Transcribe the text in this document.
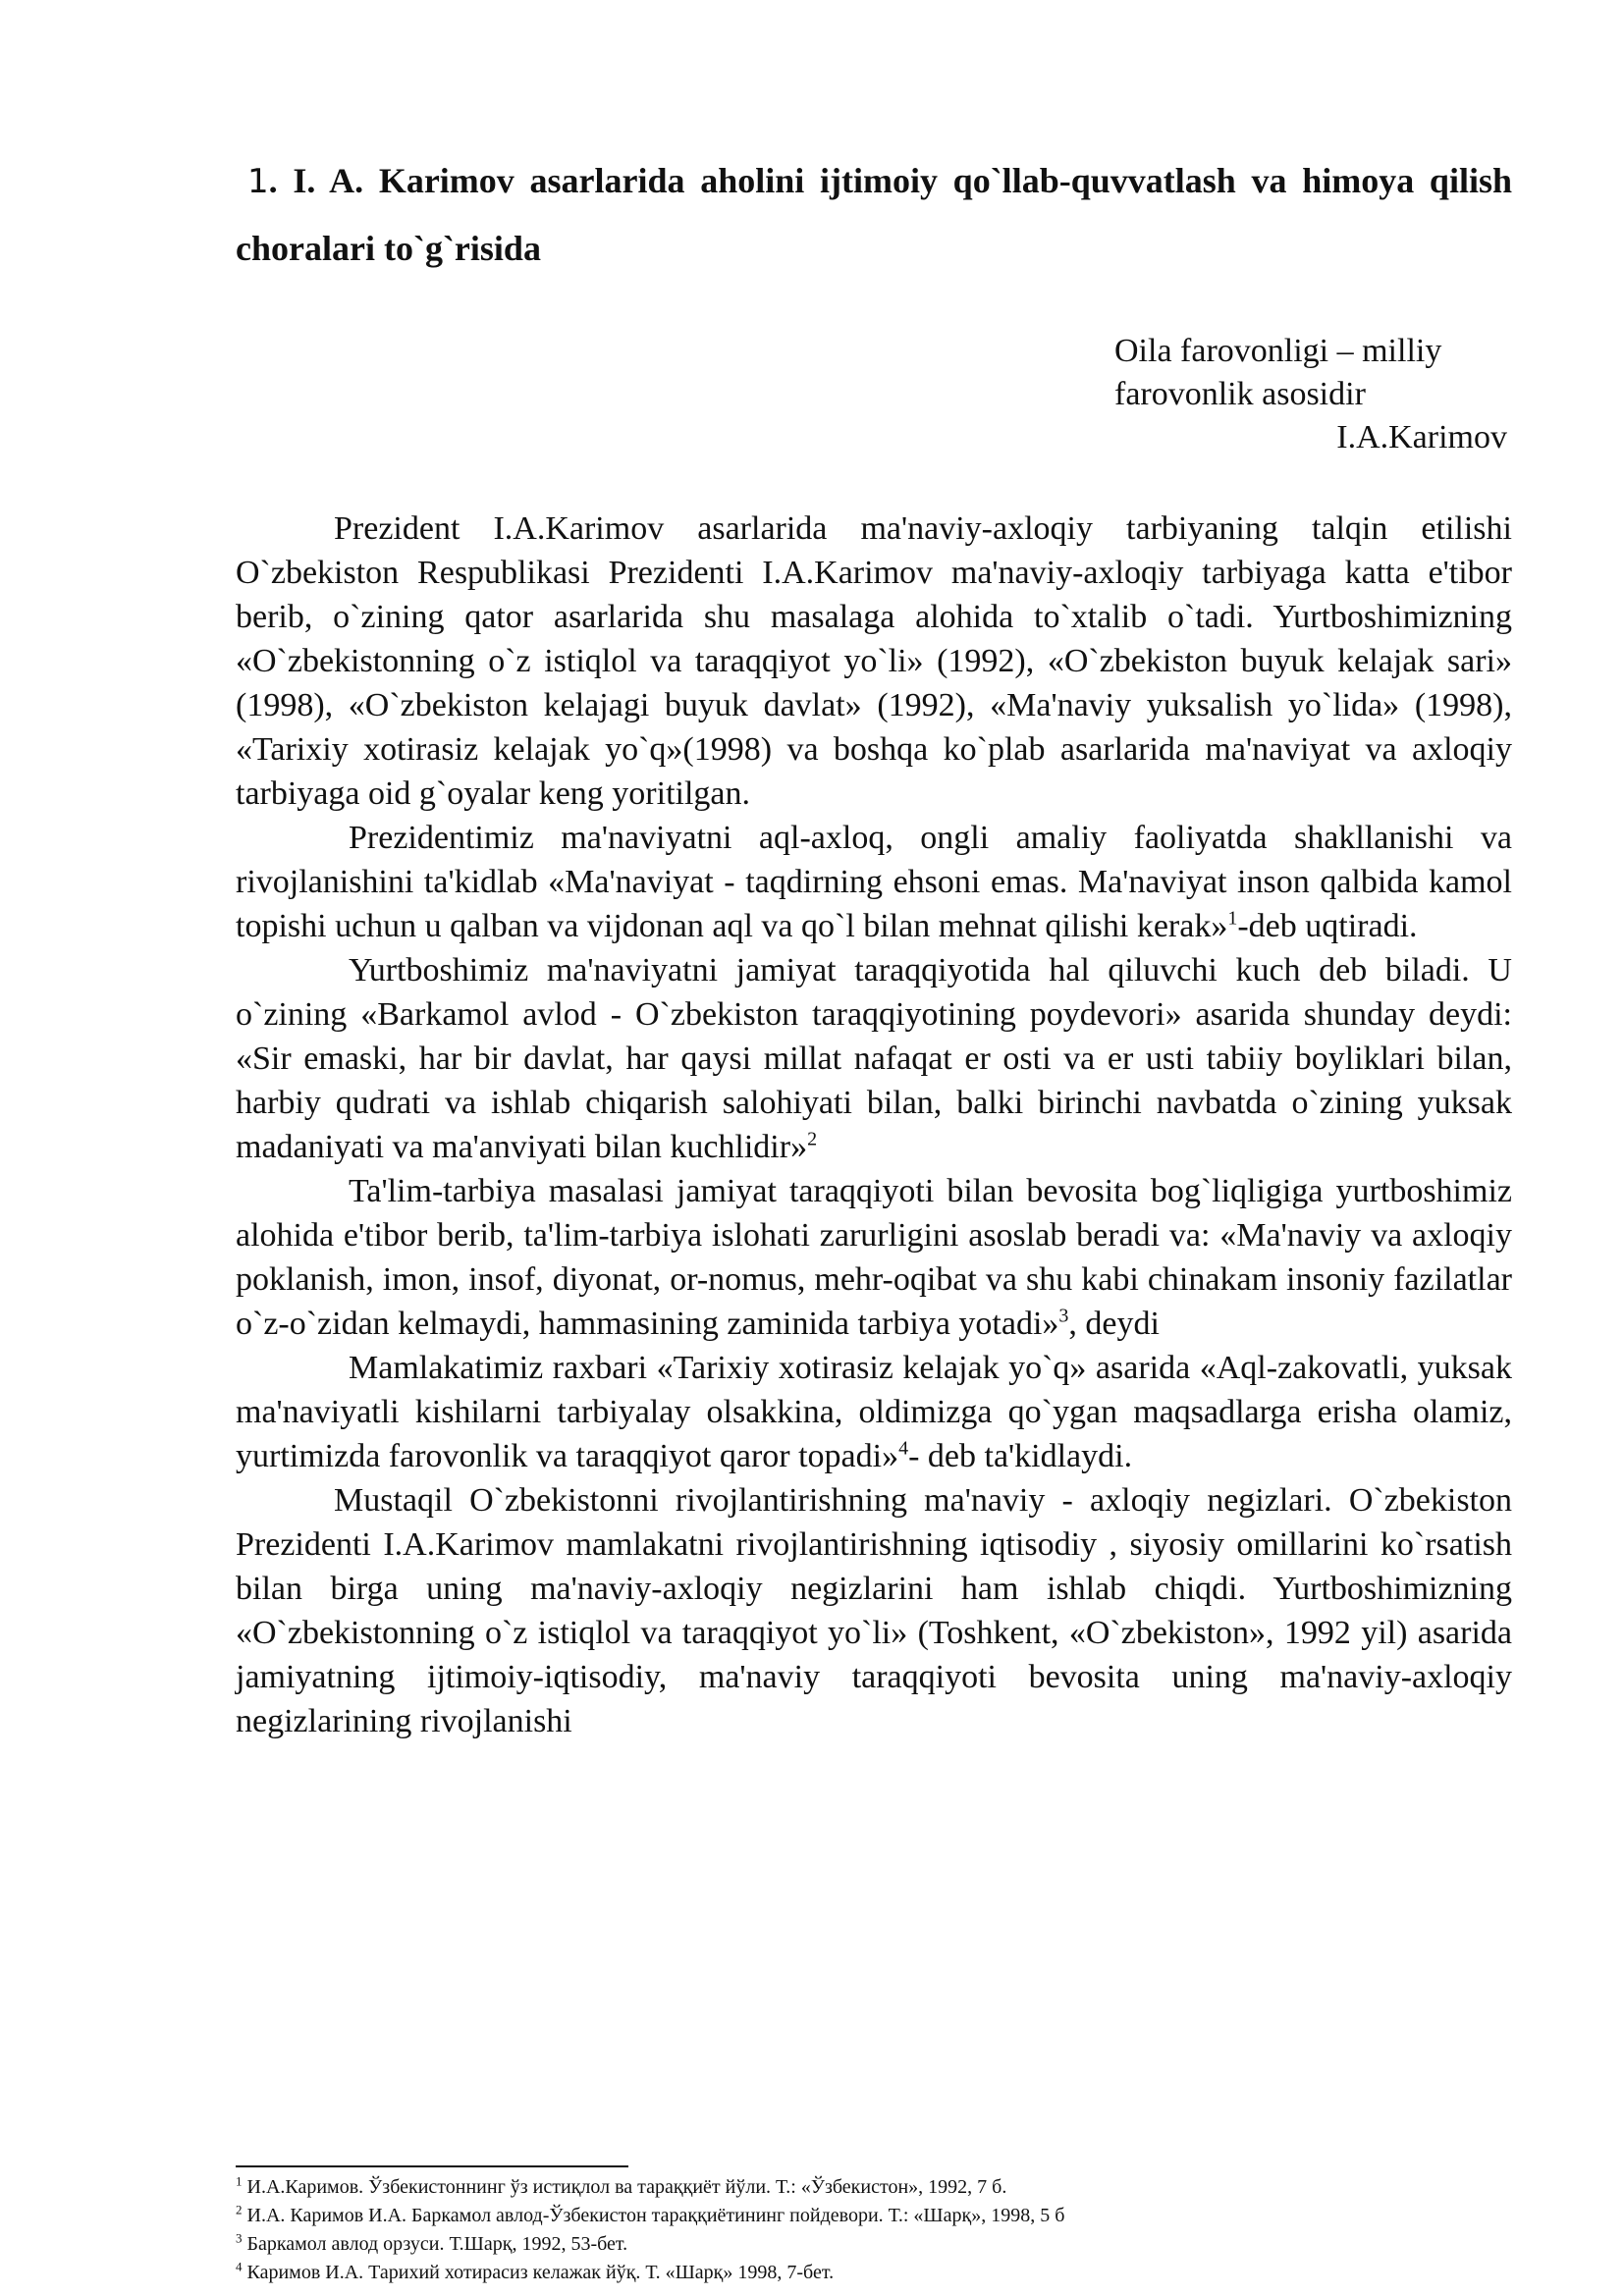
1. I. A. Karimov asarlarida aholini ijtimoiy qo`llab-quvvatlash va himoya qilish choralari to`g`risida
Oila farovonligi – milliy
farovonlik asosidir
I.A.Karimov

Prezident I.A.Karimov asarlarida ma'naviy-axloqiy tarbiyaning talqin etilishi O`zbekiston Respublikasi Prezidenti I.A.Karimov ma'naviy-axloqiy tarbiyaga katta e'tibor berib, o`zining qator asarlarida shu masalaga alohida to`xtalib o`tadi. Yurtboshimizning «O`zbekistonning o`z istiqlol va taraqqiyot yo`li» (1992), «O`zbekiston buyuk kelajak sari» (1998), «O`zbekiston kelajagi buyuk davlat» (1992), «Ma'naviy yuksalish yo`lida» (1998), «Tarixiy xotirasiz kelajak yo`q»(1998) va boshqa ko`plab asarlarida ma'naviyat va axloqiy tarbiyaga oid g`oyalar keng yoritilgan.

Prezidentimiz ma'naviyatni aql-axloq, ongli amaliy faoliyatda shakllanishi va rivojlanishini ta'kidlab «Ma'naviyat - taqdirning ehsoni emas. Ma'naviyat inson qalbida kamol topishi uchun u qalban va vijdonan aql va qo`l bilan mehnat qilishi kerak»$^1$-deb uqtiradi.

Yurtboshimiz ma'naviyatni jamiyat taraqqiyotida hal qiluvchi kuch deb biladi. U o`zining «Barkamol avlod - O`zbekiston taraqqiyotining poydevori» asarida shunday deydi: «Sir emaski, har bir davlat, har qaysi millat nafaqat er osti va er usti tabiiy boyliklari bilan, harbiy qudrati va ishlab chiqarish salohiyati bilan, balki birinchi navbatda o`zining yuksak madaniyati va ma'anviyati bilan kuchlidir»$^2$

Ta'lim-tarbiya masalasi jamiyat taraqqiyoti bilan bevosita bog`liqligiga yurtboshimiz alohida e'tibor berib, ta'lim-tarbiya islohati zarurligini asoslab beradi va: «Ma'naviy va axloqiy poklanish, imon, insof, diyonat, or-nomus, mehr-oqibat va shu kabi chinakam insoniy fazilatlar o`z-o`zidan kelmaydi, hammasining zaminida tarbiya yotadi»$^3$, deydi

Mamlakatimiz raxbari «Tarixiy xotirasiz kelajak yo`q» asarida «Aql-zakovatli, yuksak ma'naviyatli kishilarni tarbiyalay olsakkina, oldimizga qo`ygan maqsadlarga erisha olamiz, yurtimizda farovonlik va taraqqiyot qaror topadi»$^4$- deb ta'kidlaydi.

Mustaqil O`zbekistonni rivojlantirishning ma'naviy - axloqiy negizlari. O`zbekiston Prezidenti I.A.Karimov mamlakatni rivojlantirishning iqtisodiy , siyosiy omillarini ko`rsatish bilan birga uning ma'naviy-axloqiy negizlarini ham ishlab chiqdi. Yurtboshimizning «O`zbekistonning o`z istiqlol va taraqqiyot yo`li» (Toshkent, «O`zbekiston», 1992 yil) asarida jamiyatning ijtimoiy-iqtisodiy, ma'naviy taraqqiyoti bevosita uning ma'naviy-axloqiy negizlarining rivojlanishi

$^1$ И.А.Каримов. Ўзбекистоннинг ўз истиқлол ва тараққиёт йўли. Т.: «Ўзбекистон», 1992, 7 б.
$^2$ И.А. Каримов И.А. Баркамол авлод-Ўзбекистон тараққиётининг пойдевори. Т.: «Шарқ», 1998, 5 б
$^3$ Баркамол авлод орзуси. Т.Шарқ, 1992, 53-бет.
$^4$ Каримов И.А. Тарихий хотирасиз келажак йўқ. Т. «Шарқ» 1998, 7-бет.
